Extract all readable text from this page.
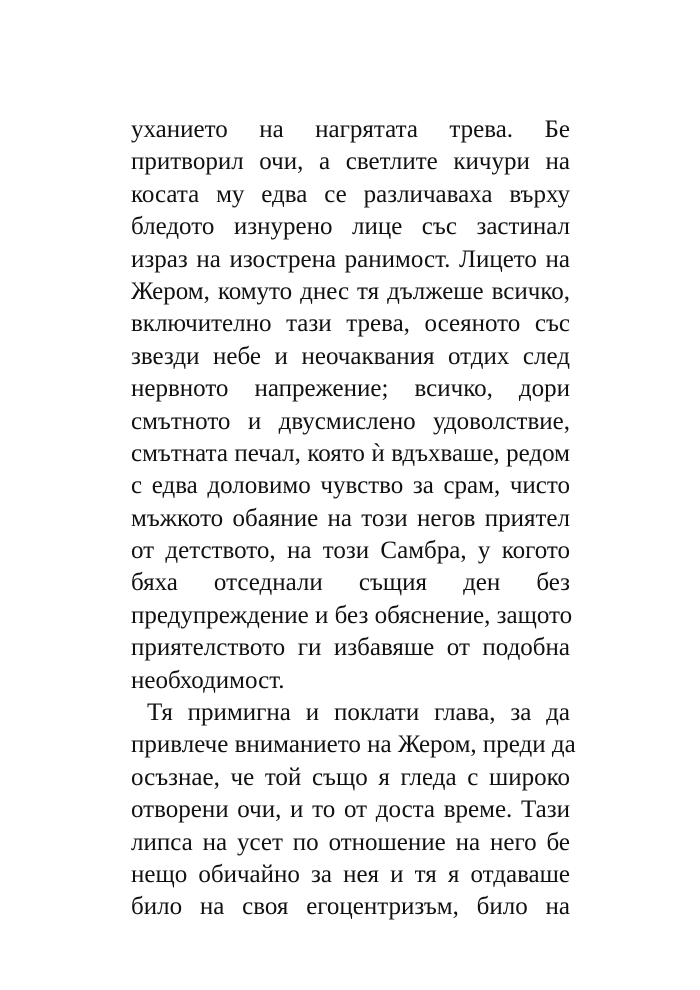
уханието на нагрятата трева. Бе
притворил очи, а светлите кичури на
косата му едва се различаваха върху
бледото изнурено лице със застинал
израз на изострена ранимост. Лицето на
Жером, комуто днес тя дължеше всичко,
включително тази трева, осеяното със
звезди небе и неочаквания отдих след
нервното напрежение; всичко, дори
смътното и двусмислено удоволствие,
смътната печал, която ѝ вдъхваше, редом
с едва доловимо чувство за срам, чисто
мъжкото обаяние на този негов приятел
от детството, на този Самбра, у когото
бяха отседнали същия ден без
предупреждение и без обяснение, защото
приятелството ги избавяше от подобна
необходимост.
Тя примигна и поклати глава, за да
привлече вниманието на Жером, преди да
осъзнае, че той също я гледа с широко
отворени очи, и то от доста време. Тази
липса на усет по отношение на него бе
нещо обичайно за нея и тя я отдаваше
било на своя егоцентризъм, било на
